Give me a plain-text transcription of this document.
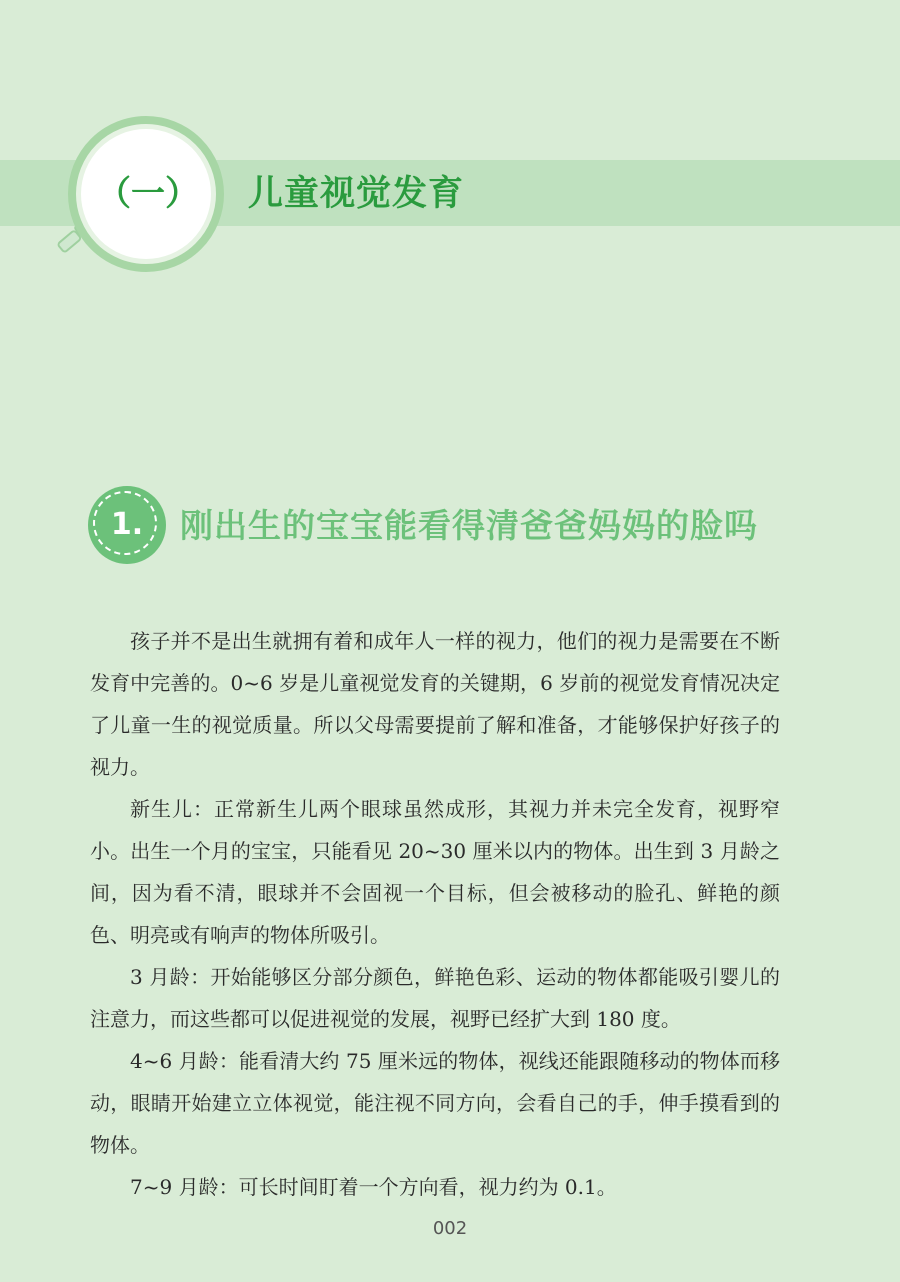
（一） 儿童视觉发育
1.	刚出生的宝宝能看得清爸爸妈妈的脸吗

孩子并不是出生就拥有着和成年人一样的视力，他们的视力是需要在不断发育中完善的。0~6 岁是儿童视觉发育的关键期，6 岁前的视觉发育情况决定了儿童一生的视觉质量。所以父母需要提前了解和准备，才能够保护好孩子的视力。

新生儿：正常新生儿两个眼球虽然成形，其视力并未完全发育，视野窄小。出生一个月的宝宝，只能看见 20~30 厘米以内的物体。出生到 3 月龄之间，因为看不清，眼球并不会固视一个目标，但会被移动的脸孔、鲜艳的颜色、明亮或有响声的物体所吸引。

3 月龄：开始能够区分部分颜色，鲜艳色彩、运动的物体都能吸引婴儿的注意力，而这些都可以促进视觉的发展，视野已经扩大到 180 度。

4~6 月龄：能看清大约 75 厘米远的物体，视线还能跟随移动的物体而移动，眼睛开始建立立体视觉，能注视不同方向，会看自己的手，伸手摸看到的物体。

7~9 月龄：可长时间盯着一个方向看，视力约为 0.1。

002
